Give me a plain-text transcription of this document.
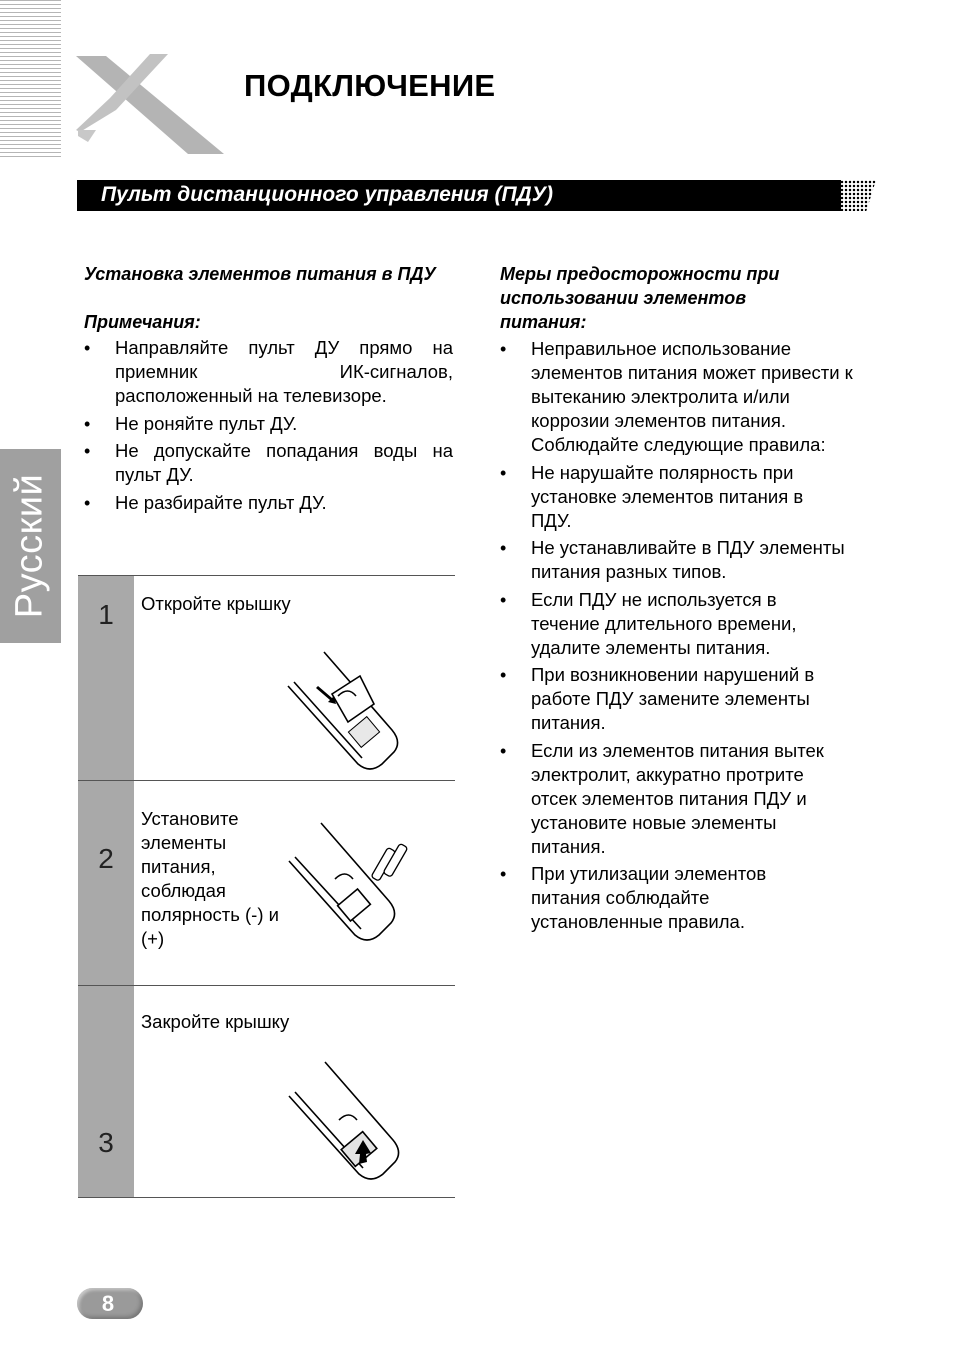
ПОДКЛЮЧЕНИЕ
Пульт дистанционного управления (ПДУ)

Русский

Установка элементов питания в ПДУ

Примечания:

• Направляйте пульт ДУ прямо на приемник ИК-сигналов, расположенный на телевизоре.
• Не роняйте пульт ДУ.
• Не допускайте попадания воды на пульт ДУ.
• Не разбирайте пульт ДУ.

1	Откройте крышку

2

Установите элементы питания, соблюдая полярность (-) и (+)

3

Закройте крышку

Меры предосторожности при использовании элементов питания:

• Неправильное использование элементов питания может привести к вытеканию электролита и/или коррозии элементов питания. Соблюдайте следующие правила:
• Не нарушайте полярность при установке элементов питания в ПДУ.
• Не устанавливайте в ПДУ элементы питания разных типов.
• Если ПДУ не используется в течение длительного времени, удалите элементы питания.
• При возникновении нарушений в работе ПДУ замените элементы питания.
• Если из элементов питания вытек электролит, аккуратно протрите отсек элементов питания ПДУ и установите новые элементы питания.
• При утилизации элементов питания соблюдайте установленные правила.

8
